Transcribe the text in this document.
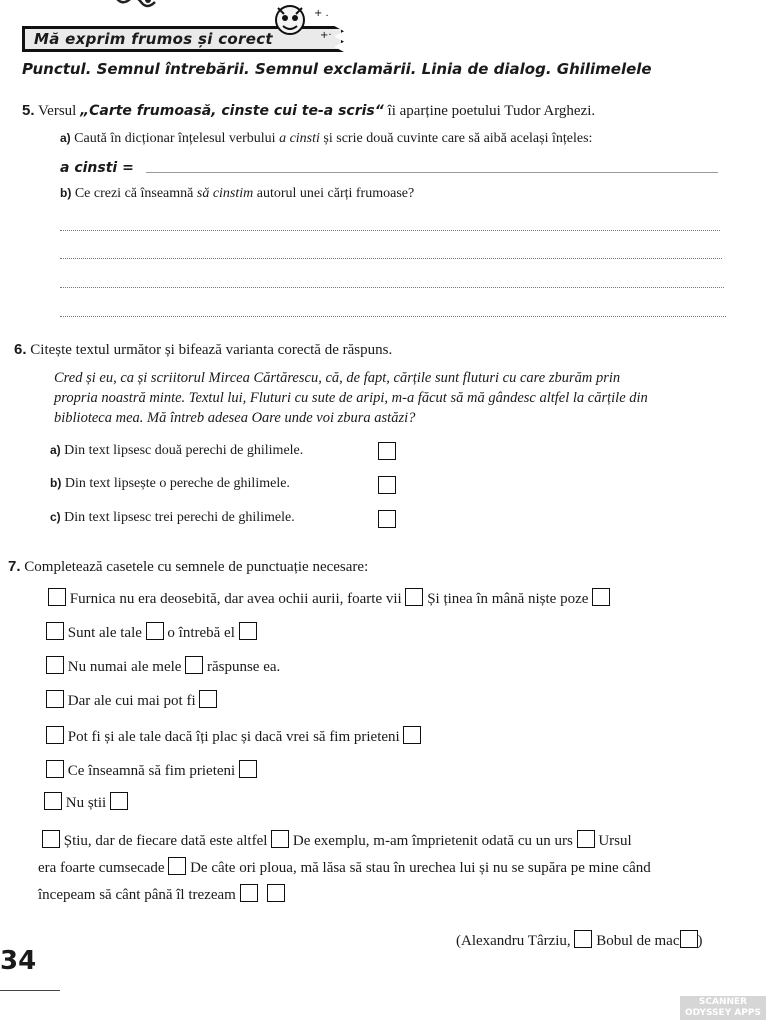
Mă exprim frumos și corect
+ .
+·
Punctul. Semnul întrebării. Semnul exclamării. Linia de dialog. Ghilimelele
5. Versul „Carte frumoasă, cinste cui te-a scris“ îi aparține poetului Tudor Arghezi.
a) Caută în dicționar înțelesul verbului a cinsti și scrie două cuvinte care să aibă același înțeles:
a cinsti =
b) Ce crezi că înseamnă să cinstim autorul unei cărți frumoase?
6. Citește textul următor și bifează varianta corectă de răspuns.
Cred și eu, ca și scriitorul Mircea Cărtărescu, că, de fapt, cărțile sunt fluturi cu care zburăm prin
propria noastră minte. Textul lui, Fluturi cu sute de aripi, m-a făcut să mă gândesc altfel la cărțile din
biblioteca mea. Mă întreb adesea Oare unde voi zbura astăzi?
a) Din text lipsesc două perechi de ghilimele.
b) Din text lipsește o pereche de ghilimele.
c) Din text lipsesc trei perechi de ghilimele.
7. Completează casetele cu semnele de punctuație necesare:
Furnica nu era deosebită, dar avea ochii aurii, foarte vii Și ținea în mână niște poze
Sunt ale tale o întrebă el
Nu numai ale mele răspunse ea.
Dar ale cui mai pot fi
Pot fi și ale tale dacă îți plac și dacă vrei să fim prieteni
Ce înseamnă să fim prieteni
Nu știi
Știu, dar de fiecare dată este altfel De exemplu, m-am împrietenit odată cu un urs Ursul
era foarte cumsecade De câte ori ploua, mă lăsa să stau în urechea lui și nu se supăra pe mine când
începeam să cânt până îl trezeam
(Alexandru Târziu, Bobul de mac )
34
SCANNER
ODYSSEY APPS
